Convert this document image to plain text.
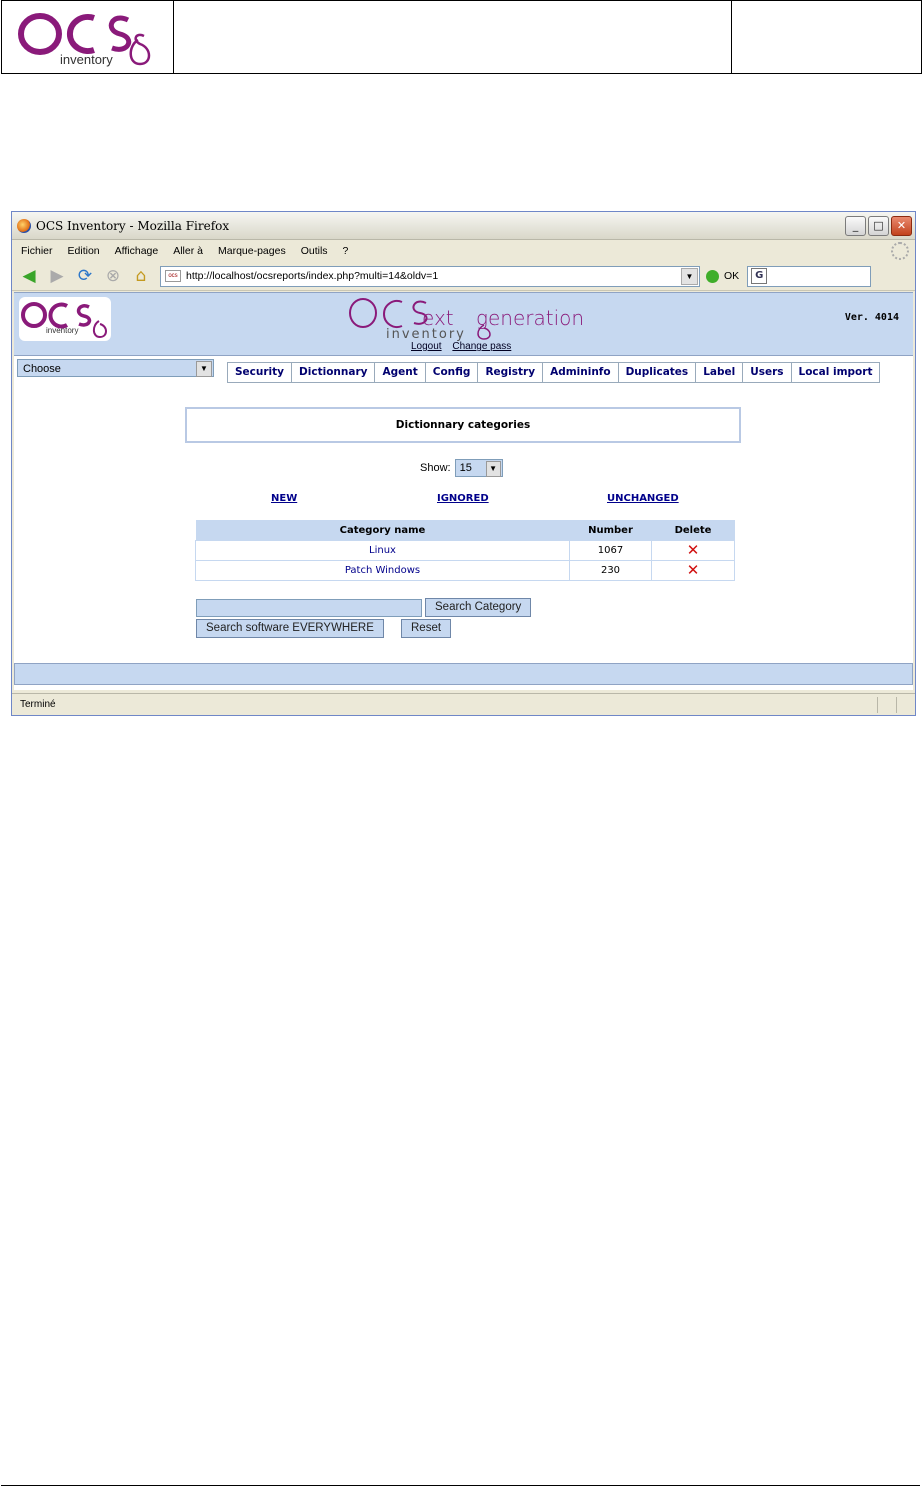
inventory
OCS Inventory - Mozilla Firefox	_	□	✕
Fichier Edition Affichage Aller à Marque-pages Outils ?
◀ ▶ ⟳ ⊗ ⌂	ocs http://localhost/ocsreports/index.php?multi=14&oldv=1	▼	OK	G
inventory
ext generation
inventory
Logout Change pass
Ver. 4014
Choose	▼	Security	Dictionnary	Agent	Config	Registry	Admininfo	Duplicates	Label	Users	Local import
Dictionnary categories
Show: 15	▼
NEW	IGNORED	UNCHANGED
Category name	Number	Delete
Linux	1067	✕
Patch Windows	230	✕
Search Category
Search software EVERYWHERE	Reset
Terminé
